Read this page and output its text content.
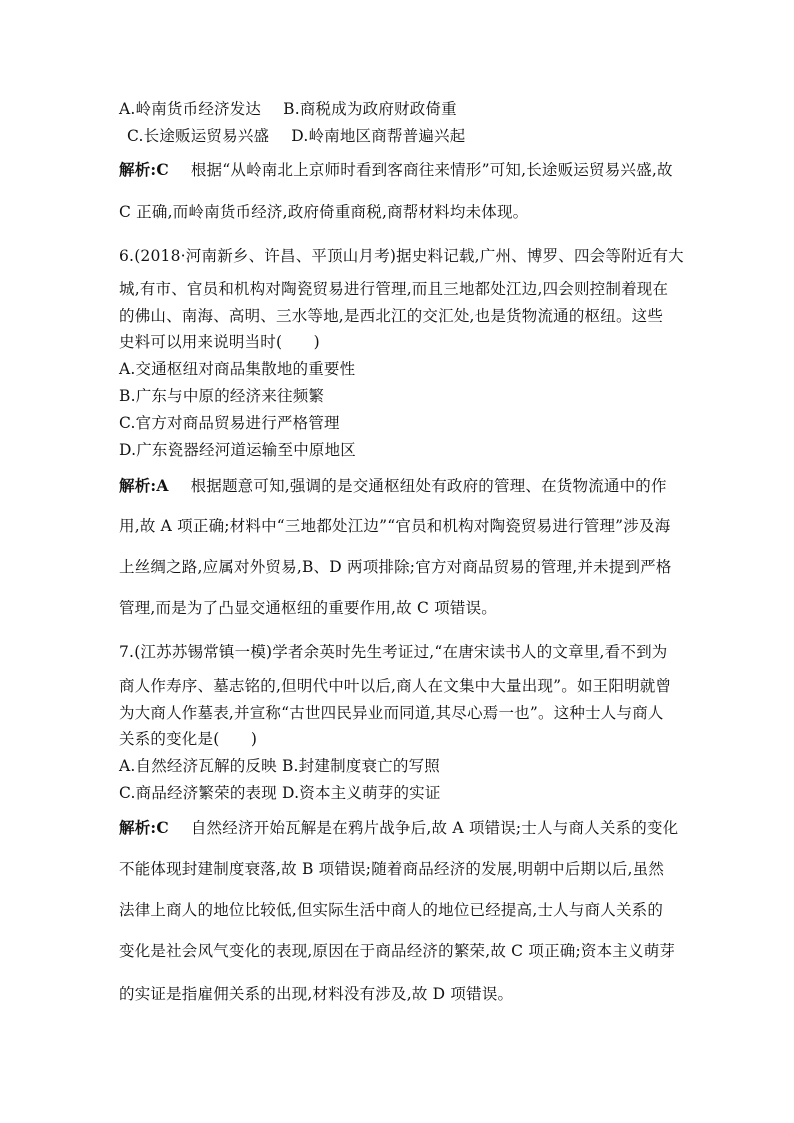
A.岭南货币经济发达 B.商税成为政府财政倚重
C.长途贩运贸易兴盛 D.岭南地区商帮普遍兴起
解析:C 根据“从岭南北上京师时看到客商往来情形”可知,长途贩运贸易兴盛,故
C 正确,而岭南货币经济,政府倚重商税,商帮材料均未体现。
6.(2018·河南新乡、许昌、平顶山月考)据史料记载,广州、博罗、四会等附近有大
城,有市、官员和机构对陶瓷贸易进行管理,而且三地都处江边,四会则控制着现在
的佛山、南海、高明、三水等地,是西北江的交汇处,也是货物流通的枢纽。这些
史料可以用来说明当时(　　)
A.交通枢纽对商品集散地的重要性
B.广东与中原的经济来往频繁
C.官方对商品贸易进行严格管理
D.广东瓷器经河道运输至中原地区
解析:A 根据题意可知,强调的是交通枢纽处有政府的管理、在货物流通中的作
用,故 A 项正确;材料中“三地都处江边”“官员和机构对陶瓷贸易进行管理”涉及海
上丝绸之路,应属对外贸易,B、D 两项排除;官方对商品贸易的管理,并未提到严格
管理,而是为了凸显交通枢纽的重要作用,故 C 项错误。
7.(江苏苏锡常镇一模)学者余英时先生考证过,“在唐宋读书人的文章里,看不到为
商人作寿序、墓志铭的,但明代中叶以后,商人在文集中大量出现”。如王阳明就曾
为大商人作墓表,并宣称“古世四民异业而同道,其尽心焉一也”。这种士人与商人
关系的变化是(　　)
A.自然经济瓦解的反映 B.封建制度衰亡的写照
C.商品经济繁荣的表现 D.资本主义萌芽的实证
解析:C 自然经济开始瓦解是在鸦片战争后,故 A 项错误;士人与商人关系的变化
不能体现封建制度衰落,故 B 项错误;随着商品经济的发展,明朝中后期以后,虽然
法律上商人的地位比较低,但实际生活中商人的地位已经提高,士人与商人关系的
变化是社会风气变化的表现,原因在于商品经济的繁荣,故 C 项正确;资本主义萌芽
的实证是指雇佣关系的出现,材料没有涉及,故 D 项错误。
